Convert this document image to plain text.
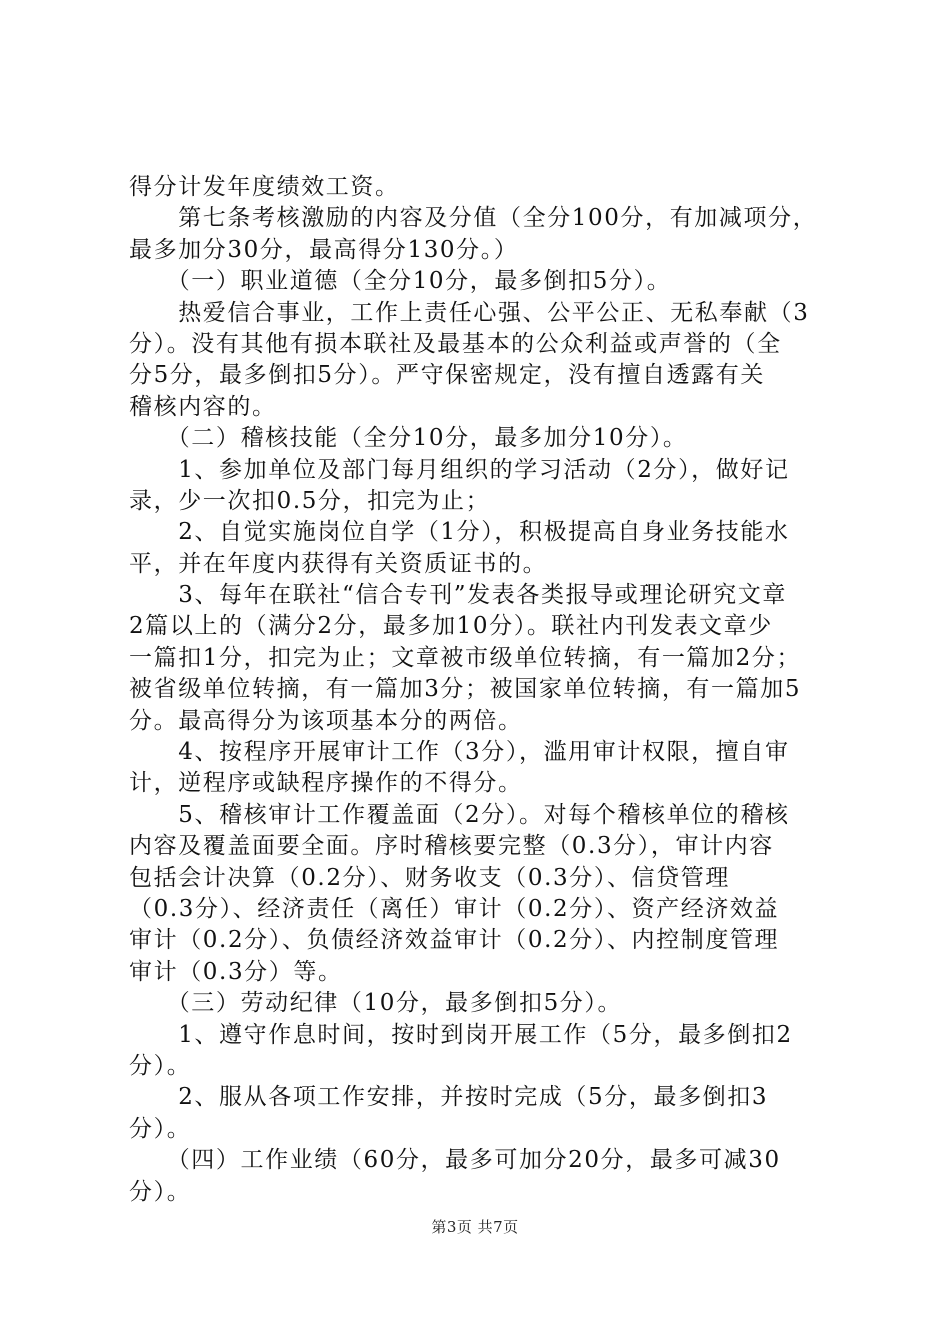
得分计发年度绩效工资。
　　第七条考核激励的内容及分值（全分100分，有加减项分，
最多加分30分，最高得分130分。）
　　（一）职业道德（全分10分，最多倒扣5分）。
　　热爱信合事业，工作上责任心强、公平公正、无私奉献（3
分）。没有其他有损本联社及最基本的公众利益或声誉的（全
分5分，最多倒扣5分）。严守保密规定，没有擅自透露有关
稽核内容的。
　　（二）稽核技能（全分10分，最多加分10分）。
　　1、参加单位及部门每月组织的学习活动（2分），做好记
录，少一次扣0.5分，扣完为止；
　　2、自觉实施岗位自学（1分），积极提高自身业务技能水
平，并在年度内获得有关资质证书的。
　　3、每年在联社“信合专刊”发表各类报导或理论研究文章
2篇以上的（满分2分，最多加10分）。联社内刊发表文章少
一篇扣1分，扣完为止；文章被市级单位转摘，有一篇加2分；
被省级单位转摘，有一篇加3分；被国家单位转摘，有一篇加5
分。最高得分为该项基本分的两倍。
　　4、按程序开展审计工作（3分），滥用审计权限，擅自审
计，逆程序或缺程序操作的不得分。
　　5、稽核审计工作覆盖面（2分）。对每个稽核单位的稽核
内容及覆盖面要全面。序时稽核要完整（0.3分），审计内容
包括会计决算（0.2分）、财务收支（0.3分）、信贷管理
（0.3分）、经济责任（离任）审计（0.2分）、资产经济效益
审计（0.2分）、负债经济效益审计（0.2分）、内控制度管理
审计（0.3分）等。
　　（三）劳动纪律（10分，最多倒扣5分）。
　　1、遵守作息时间，按时到岗开展工作（5分，最多倒扣2
分）。
　　2、服从各项工作安排，并按时完成（5分，最多倒扣3
分）。
　　（四）工作业绩（60分，最多可加分20分，最多可减30
分）。
第3页 共7页
